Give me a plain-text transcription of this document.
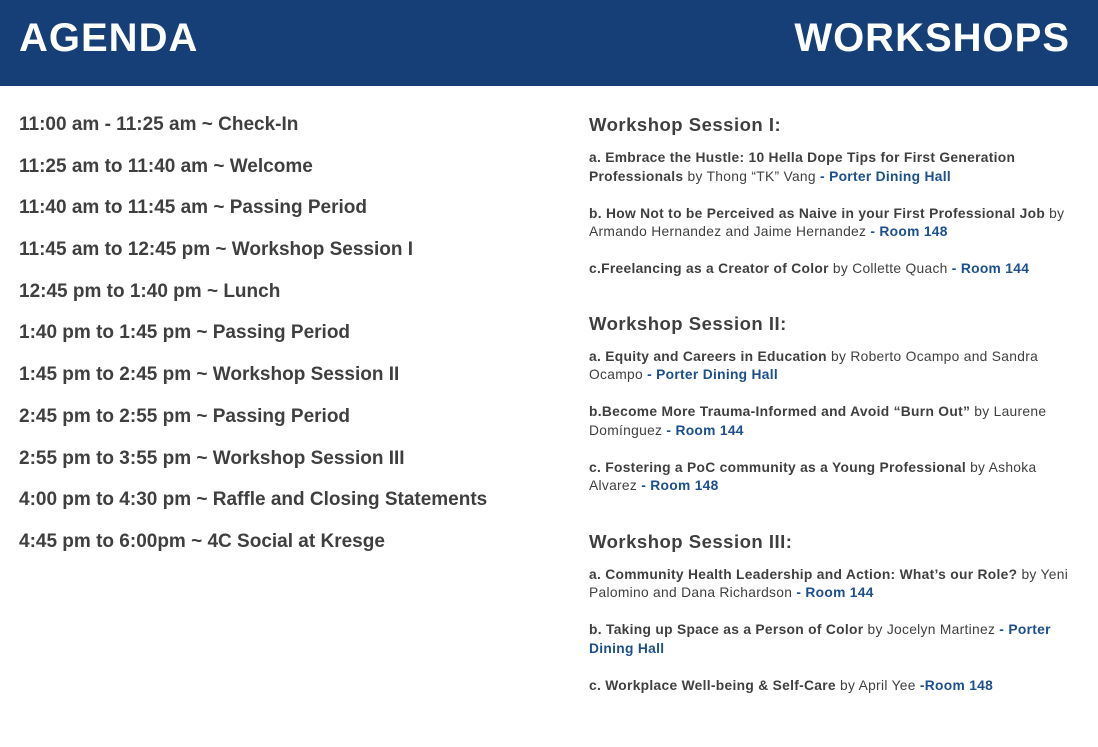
AGENDA	WORKSHOPS
11:00 am - 11:25 am ~ Check-In
11:25 am to 11:40 am ~ Welcome
11:40 am to 11:45 am ~ Passing Period
11:45 am to 12:45 pm ~ Workshop Session I
12:45 pm to 1:40 pm ~ Lunch
1:40 pm to 1:45 pm ~ Passing Period
1:45 pm to 2:45 pm ~ Workshop Session II
2:45 pm to 2:55 pm ~ Passing Period
2:55 pm to 3:55 pm ~ Workshop Session III
4:00 pm to 4:30 pm ~ Raffle and Closing Statements
4:45 pm to 6:00pm ~ 4C Social at Kresge
Workshop Session I:
a. Embrace the Hustle: 10 Hella Dope Tips for First Generation Professionals by Thong “TK” Vang - Porter Dining Hall
b. How Not to be Perceived as Naive in your First Professional Job by Armando Hernandez and Jaime Hernandez - Room 148
c.Freelancing as a Creator of Color by Collette Quach - Room 144
Workshop Session II:
a. Equity and Careers in Education by Roberto Ocampo and Sandra Ocampo - Porter Dining Hall
b.Become More Trauma-Informed and Avoid “Burn Out” by Laurene Domínguez - Room 144
c. Fostering a PoC community as a Young Professional by Ashoka Alvarez - Room 148
Workshop Session III:
a. Community Health Leadership and Action: What’s our Role? by Yeni Palomino and Dana Richardson - Room 144
b. Taking up Space as a Person of Color by Jocelyn Martinez - Porter Dining Hall
c. Workplace Well-being & Self-Care by April Yee -Room 148
